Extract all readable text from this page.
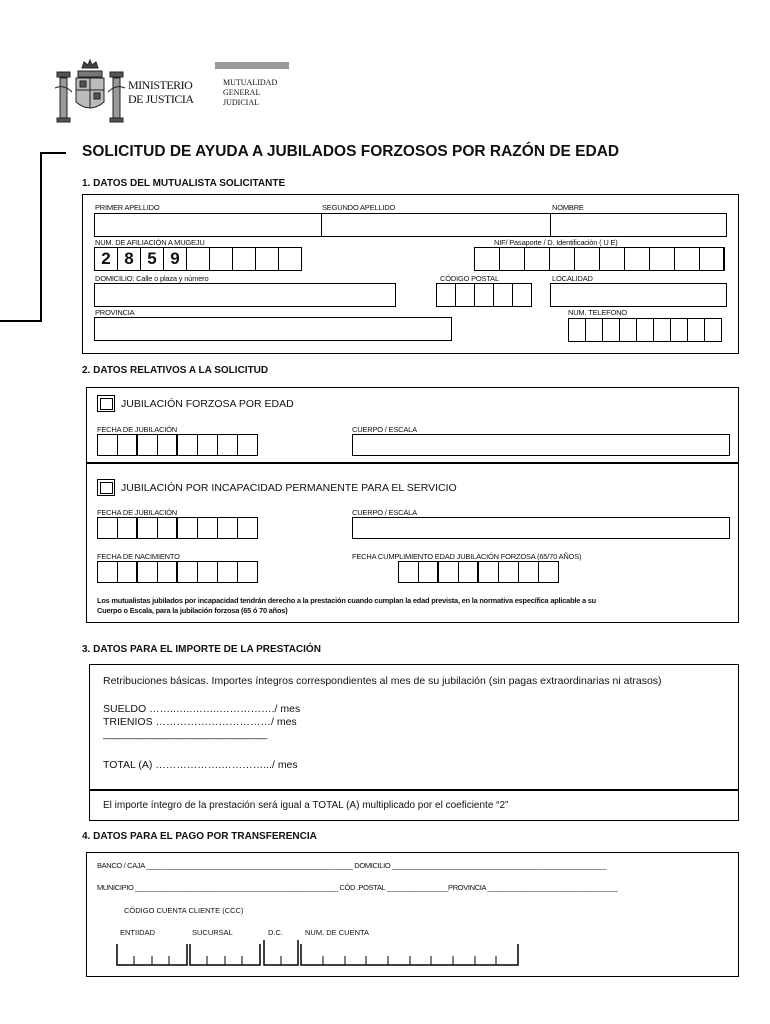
MINISTERIO
DE JUSTICIA
MUTUALIDAD
GENERAL
JUDICIAL
SOLICITUD DE AYUDA A JUBILADOS FORZOSOS POR RAZÓN DE EDAD
1. DATOS DEL MUTUALISTA SOLICITANTE
PRIMER APELLIDO	SEGUNDO APELLIDO	NOMBRE
NUM. DE AFILIACIÓN A MUGEJU	NIF/ Pasaporte / D. Identificación ( U E)
2 8 5 9
DOMICILIO: Calle o plaza y número	CÓDIGO POSTAL	LOCALIDAD
PROVINCIA	NUM. TELEFONO
2. DATOS RELATIVOS A LA SOLICITUD
JUBILACIÓN FORZOSA POR EDAD
FECHA DE JUBILACIÓN	CUERPO / ESCALA
JUBILACIÓN POR INCAPACIDAD PERMANENTE PARA EL SERVICIO
FECHA DE JUBILACIÓN	CUERPO / ESCALA
FECHA DE NACIMIENTO	FECHA CUMPLIMIENTO EDAD JUBILACIÓN FORZOSA (65/70 AÑOS)
Los mutualistas jubilados por incapacidad tendrán derecho a la prestación cuando cumplan la edad prevista, en la normativa específica aplicable a su
Cuerpo o Escala, para la jubilación forzosa (65 ó 70 años)
3. DATOS PARA EL IMPORTE DE LA PRESTACIÓN
Retribuciones básicas. Importes íntegros correspondientes al mes de su jubilación (sin pagas extraordinarias ni atrasos)
SUELDO ……..…..……..……………./ mes
TRIENIOS ……………………………/ mes
_________________________________
TOTAL (A) ……………….………….../ mes
El importe íntegro de la prestación será igual a TOTAL (A) multiplicado por el coeficiente “2”
4. DATOS PARA EL PAGO POR TRANSFERENCIA
BANCO / CAJA ______________________________________________________ DOMICILIO ________________________________________________________
MUNICIPIO _____________________________________________________ CÓD .POSTAL ________________PROVINCIA __________________________________
CÓDIGO CUENTA CLIENTE (CCC)
ENTIIDAD	SUCURSAL	D.C.	NUM. DE CUENTA
